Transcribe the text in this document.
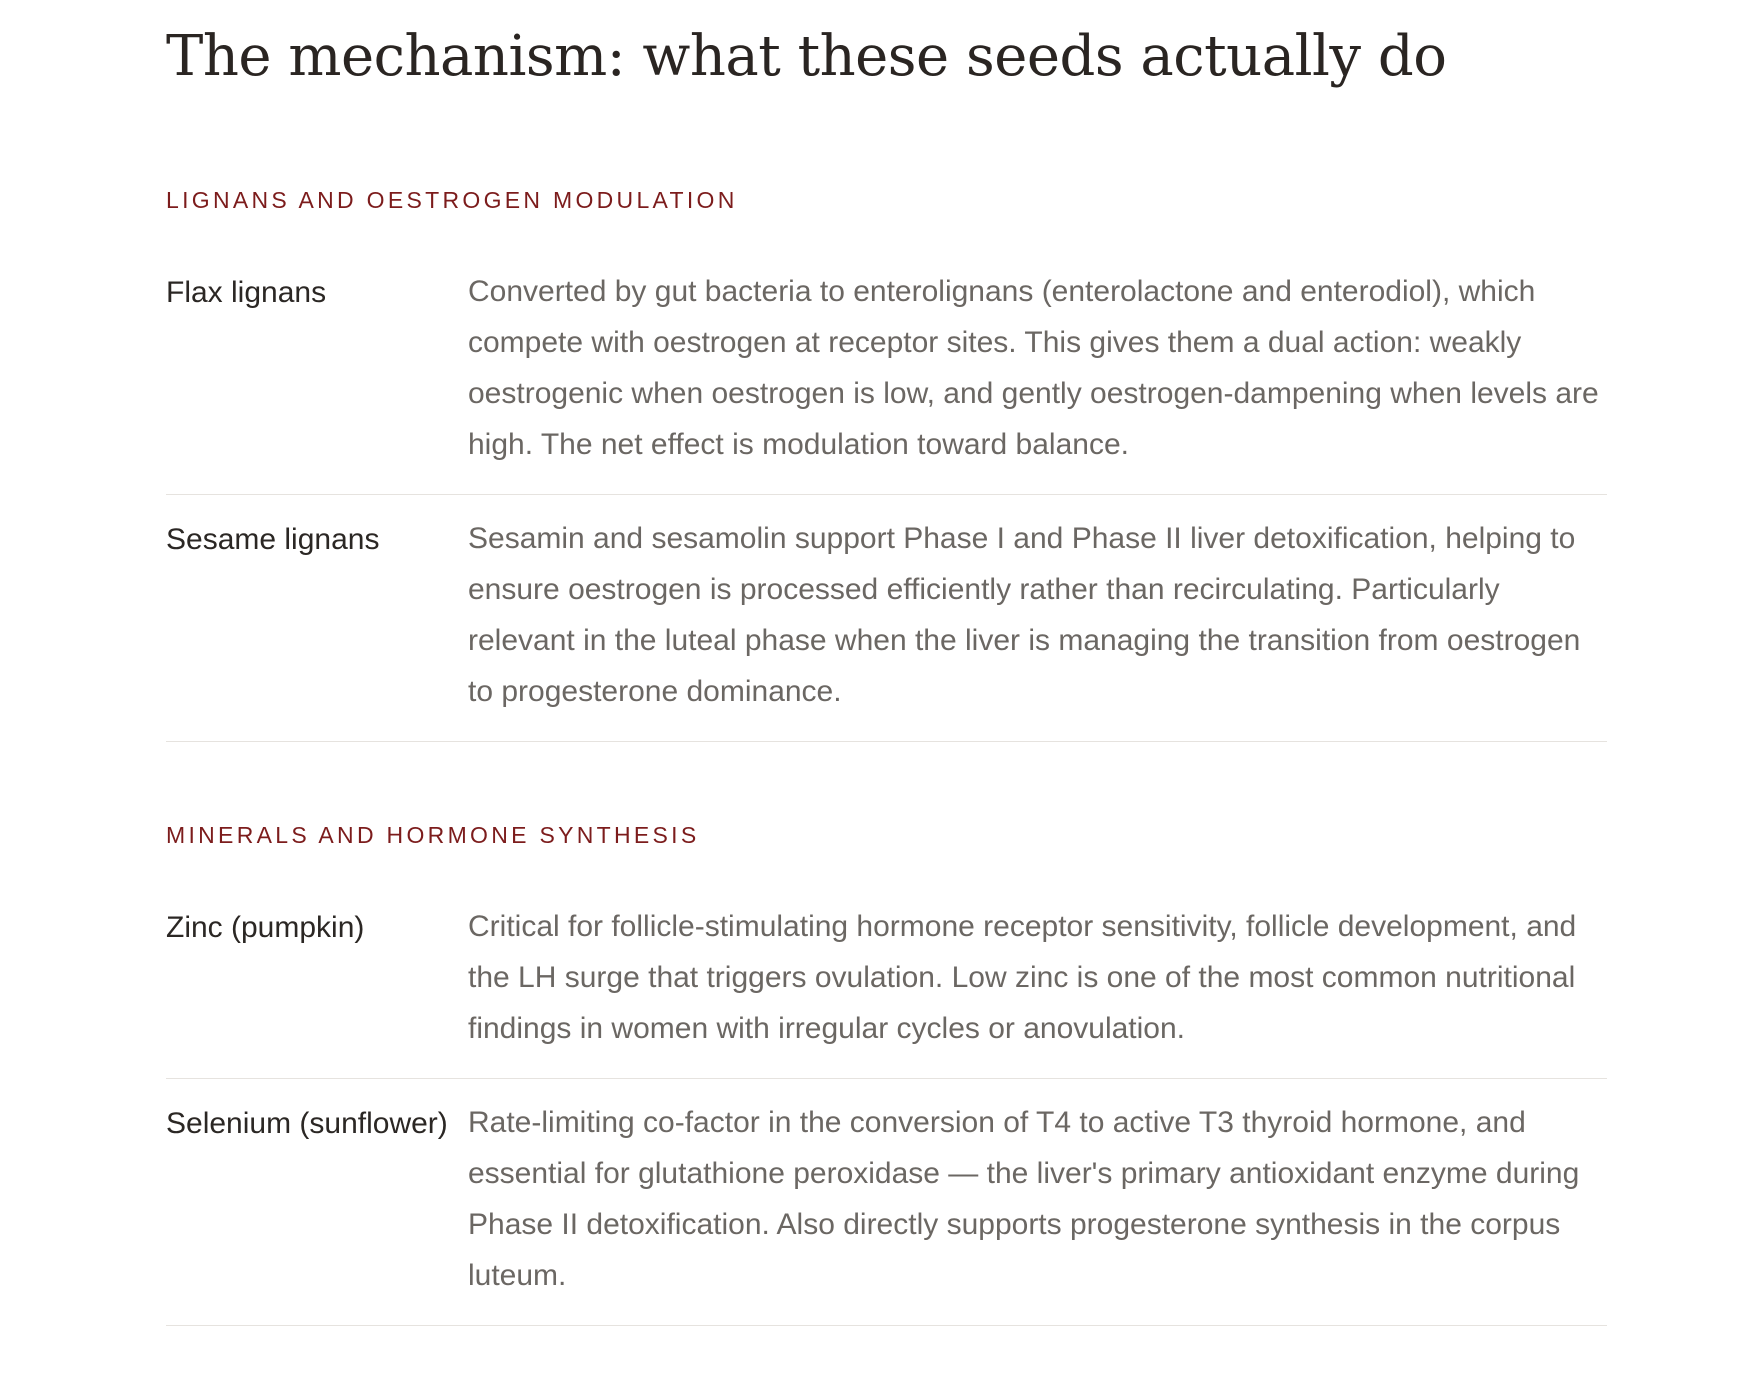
The mechanism: what these seeds actually do
LIGNANS AND OESTROGEN MODULATION
Flax lignans	Converted by gut bacteria to enterolignans (enterolactone and enterodiol), which compete with oestrogen at receptor sites. This gives them a dual action: weakly oestrogenic when oestrogen is low, and gently oestrogen-dampening when levels are high. The net effect is modulation toward balance.
Sesame lignans	Sesamin and sesamolin support Phase I and Phase II liver detoxification, helping to ensure oestrogen is processed efficiently rather than recirculating. Particularly relevant in the luteal phase when the liver is managing the transition from oestrogen to progesterone dominance.
MINERALS AND HORMONE SYNTHESIS
Zinc (pumpkin)	Critical for follicle-stimulating hormone receptor sensitivity, follicle development, and the LH surge that triggers ovulation. Low zinc is one of the most common nutritional findings in women with irregular cycles or anovulation.
Selenium (sunflower) Rate-limiting co-factor in the conversion of T4 to active T3 thyroid hormone, and essential for glutathione peroxidase — the liver's primary antioxidant enzyme during Phase II detoxification. Also directly supports progesterone synthesis in the corpus luteum.
